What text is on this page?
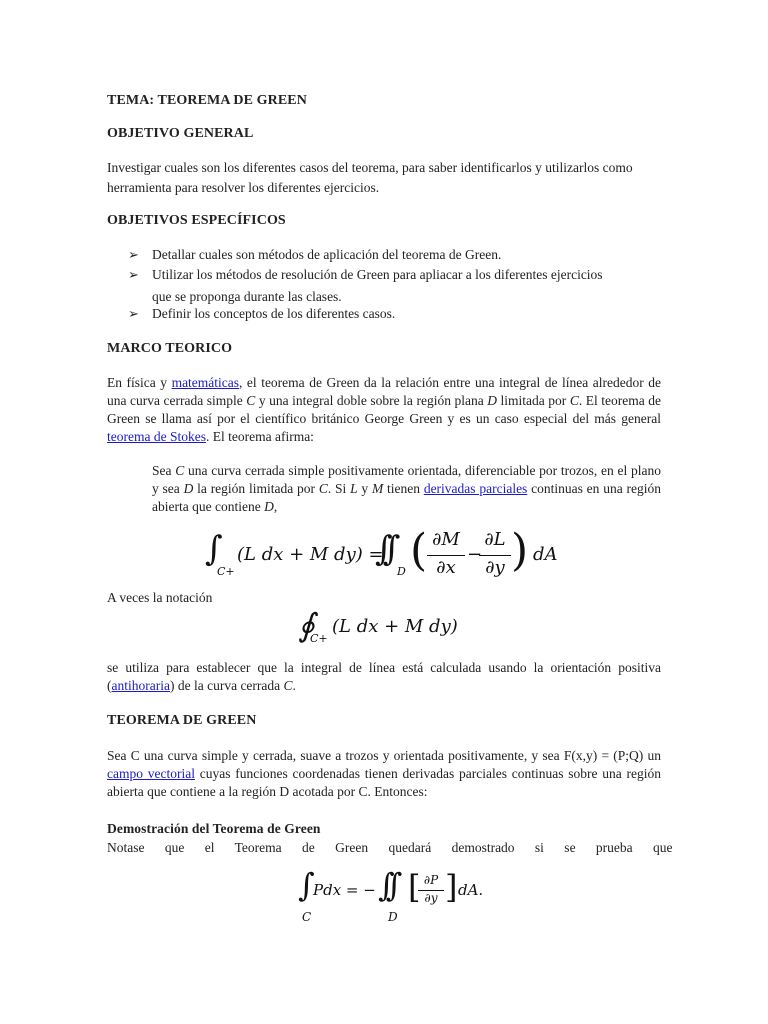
TEMA: TEOREMA DE GREEN
OBJETIVO GENERAL
Investigar cuales son los diferentes casos del teorema, para saber identificarlos y utilizarlos como herramienta para resolver los diferentes ejercicios.
OBJETIVOS ESPECÍFICOS
➢ Detallar cuales son métodos de aplicación del teorema de Green.
➢ Utilizar los métodos de resolución de Green para apliacar a los diferentes ejercicios
que se proponga durante las clases.
➢ Definir los conceptos de los diferentes casos.
MARCO TEORICO
En física y matemáticas, el teorema de Green da la relación entre una integral de línea alrededor de una curva cerrada simple C y una integral doble sobre la región plana D limitada por C. El teorema de Green se llama así por el científico británico George Green y es un caso especial del más general teorema de Stokes. El teorema afirma:
Sea C una curva cerrada simple positivamente orientada, diferenciable por trozos, en el plano y sea D la región limitada por C. Si L y M tienen derivadas parciales continuas en una región abierta que contiene D,
∫
C+
(L dx + M dy) =
∫∫
D ( ∂M
∂x
−
∂L
∂y ) dA
A veces la notación
∮
C+
(L dx + M dy)
se utiliza para establecer que la integral de línea está calculada usando la orientación positiva (antihoraria) de la curva cerrada C.
TEOREMA DE GREEN
Sea C una curva simple y cerrada, suave a trozos y orientada positivamente, y sea F(x,y) = (P;Q) un campo vectorial cuyas funciones coordenadas tienen derivadas parciales continuas sobre una región abierta que contiene a la región D acotada por C. Entonces:
Demostración del Teorema de Green
Notase que el Teorema de Green quedará demostrado si se prueba que
∫
C
Pdx = − ∫∫
D
[ ∂P
∂y ] dA.
